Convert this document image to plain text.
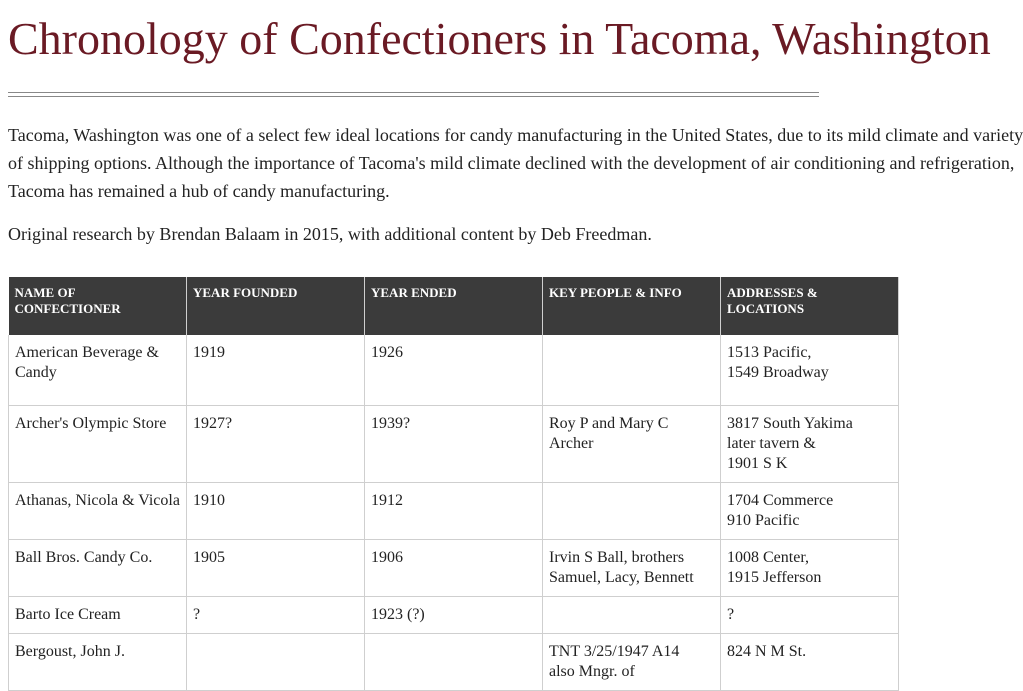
Chronology of Confectioners in Tacoma, Washington

Tacoma, Washington was one of a select few ideal locations for candy manufacturing in the United States, due to its mild climate and variety
of shipping options. Although the importance of Tacoma's mild climate declined with the development of air conditioning and refrigeration,
Tacoma has remained a hub of candy manufacturing.

Original research by Brendan Balaam in 2015, with additional content by Deb Freedman.

NAME OF CONFECTIONER	YEAR FOUNDED	YEAR ENDED	KEY PEOPLE & INFO	ADDRESSES & LOCATIONS
American Beverage & Candy	1919	1926		1513 Pacific,
1549 Broadway
Archer's Olympic Store	1927?	1939?	Roy P and Mary C
Archer	3817 South Yakima
later tavern &
1901 S K
Athanas, Nicola & Vicola	1910	1912		1704 Commerce
910 Pacific
Ball Bros. Candy Co.	1905	1906	Irvin S Ball, brothers
Samuel, Lacy, Bennett	1008 Center,
1915 Jefferson
Barto Ice Cream	?	1923 (?)		?
Bergoust, John J.			TNT 3/25/1947 A14
also Mngr. of	824 N M St.
